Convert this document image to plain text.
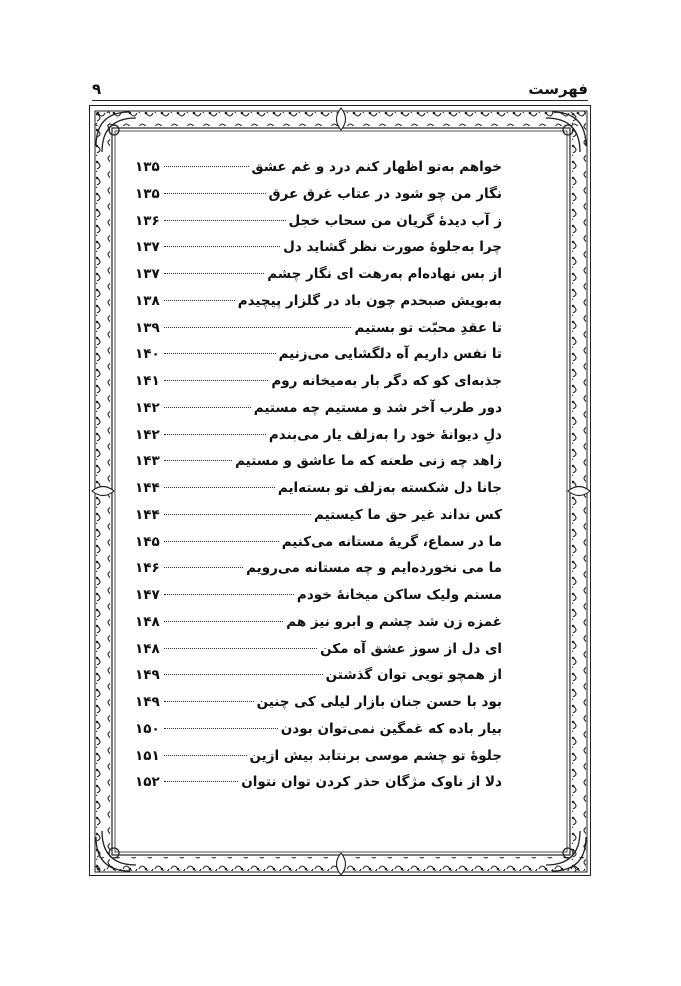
فهرست
۹
خواهم به‌تو اظهار کنم درد و غم عشق
۱۳۵
نگار من چو شود در عتاب غرق عرق
۱۳۵
ز آب دیدهٔ گریان من سحاب خجل
۱۳۶
چرا به‌جلوهٔ صورت نظر گشاید دل
۱۳۷
از بس نهاده‌ام به‌رهت ای نگار چشم
۱۳۷
به‌بویش صبحدم چون باد در گلزار پیچیدم
۱۳۸
تا عقدِ محبّت تو بستیم
۱۳۹
تا نفس داریم آه دلگشایی می‌زنیم
۱۴۰
جذبه‌ای کو که دگر بار به‌میخانه روم
۱۴۱
دور طرب آخر شد و مستیم چه مستیم
۱۴۲
دلِ دیوانهٔ خود را به‌زلف یار می‌بندم
۱۴۲
زاهد چه زنی طعنه که ما عاشق و مستیم
۱۴۳
جانا دل شکسته به‌زلف تو بسته‌ایم
۱۴۴
کس نداند غیر حق ما کیستیم
۱۴۴
ما در سماع، گریهٔ مستانه می‌کنیم
۱۴۵
ما می نخورده‌ایم و چه مستانه می‌رویم
۱۴۶
مستم ولیک ساکن میخانهٔ خودم
۱۴۷
غمزه زن شد چشم و ابرو نیز هم
۱۴۸
ای دل از سوز عشق آه مکن
۱۴۸
از همچو تویی توان گذشتن
۱۴۹
بود با حسن جنان بازار لیلی کی چنین
۱۴۹
بیار باده که غمگین نمی‌توان بودن
۱۵۰
جلوهٔ تو چشم موسی برنتابد بیش ازین
۱۵۱
دلا از ناوک مژگان حذر کردن توان نتوان
۱۵۲
